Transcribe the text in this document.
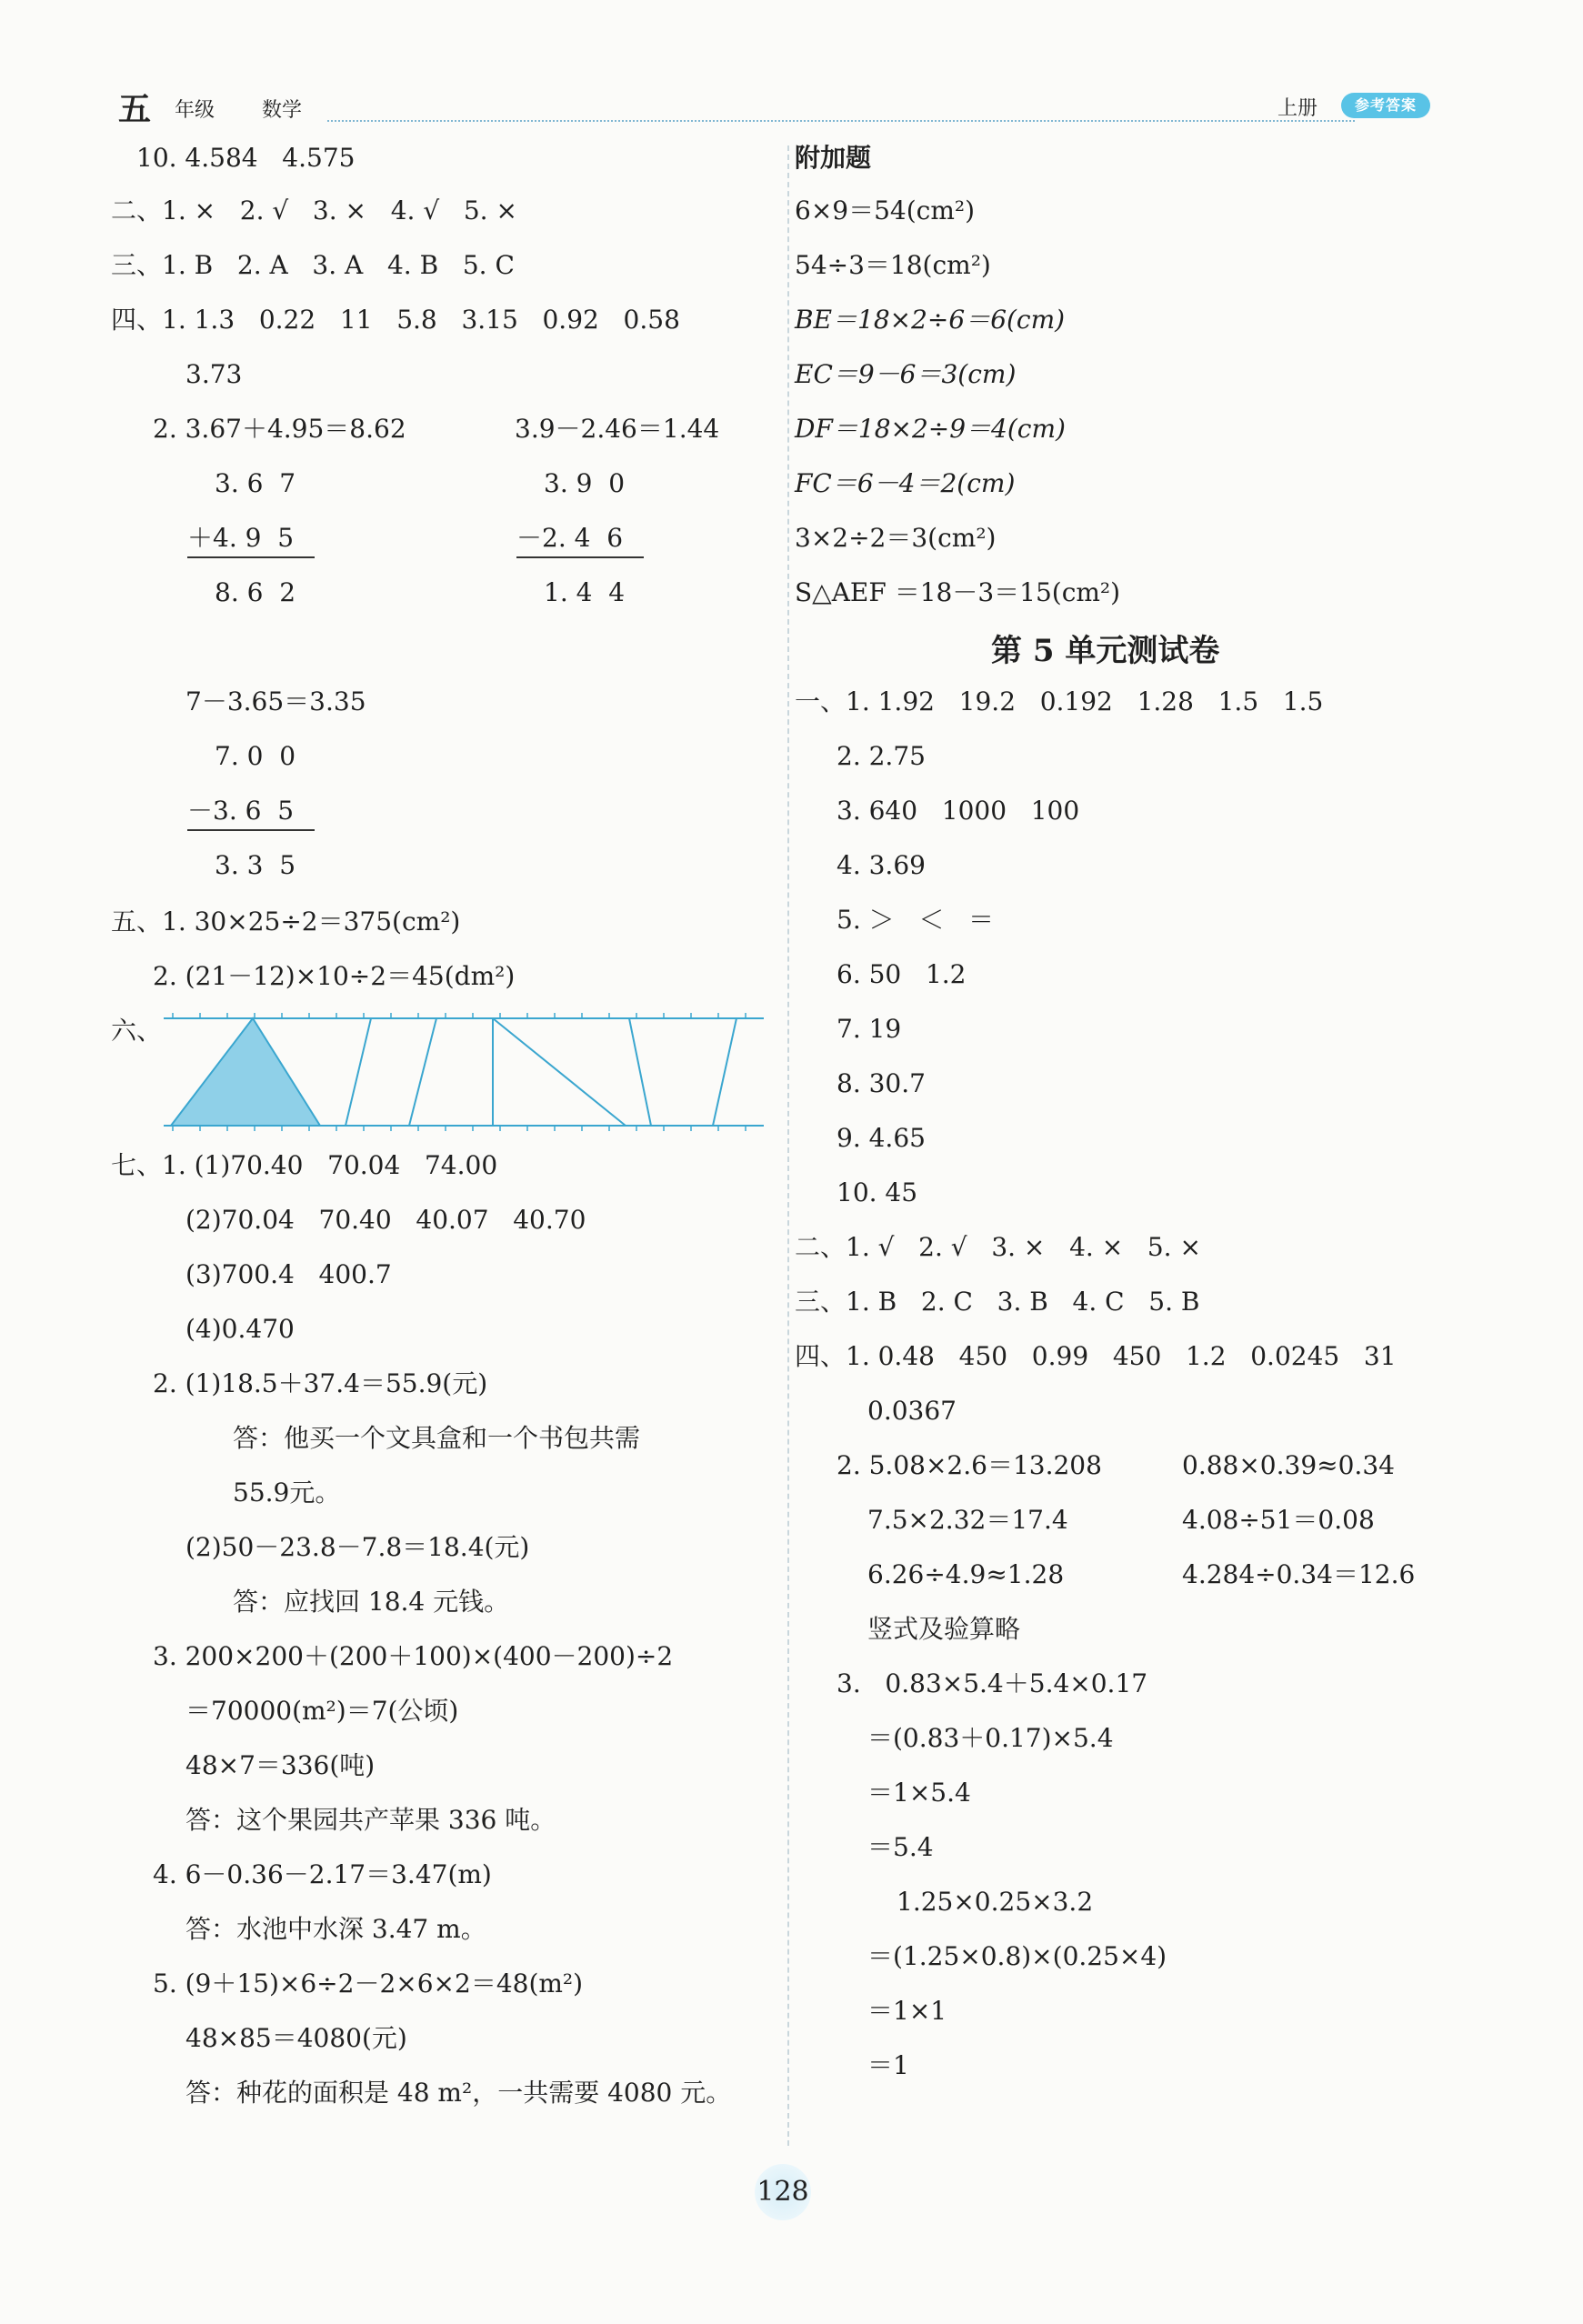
五 年级 数学	上册	参考答案
10. 4.584   4.575
二、1. ×   2. √   3. ×   4. √   5. ×
三、1. B   2. A   3. A   4. B   5. C
四、1. 1.3   0.22   11   5.8   3.15   0.92   0.58
3.73
2. 3.67＋4.95＝8.62	3.9－2.46＝1.44
3. 6  7
＋4. 9  5
8. 6  2
3. 9  0
－2. 4  6
1. 4  4
7－3.65＝3.35
7. 0  0
－3. 6  5
3. 3  5
五、1. 30×25÷2＝375(cm²)
2. (21－12)×10÷2＝45(dm²)
六、
七、1. (1)70.40   70.04   74.00
(2)70.04   70.40   40.07   40.70
(3)700.4   400.7
(4)0.470
2. (1)18.5＋37.4＝55.9(元)
答：他买一个文具盒和一个书包共需
55.9元。
(2)50－23.8－7.8＝18.4(元)
答：应找回 18.4 元钱。
3. 200×200＋(200＋100)×(400－200)÷2
＝70000(m²)＝7(公顷)
48×7＝336(吨)
答：这个果园共产苹果 336 吨。
4. 6－0.36－2.17＝3.47(m)
答：水池中水深 3.47 m。
5. (9＋15)×6÷2－2×6×2＝48(m²)
48×85＝4080(元)
答：种花的面积是 48 m²，一共需要 4080 元。
附加题
6×9＝54(cm²)
54÷3＝18(cm²)
BE＝18×2÷6＝6(cm)
EC＝9－6＝3(cm)
DF＝18×2÷9＝4(cm)
FC＝6－4＝2(cm)
3×2÷2＝3(cm²)
S△AEF ＝18－3＝15(cm²)
第 5 单元测试卷
一、1. 1.92   19.2   0.192   1.28   1.5   1.5
2. 2.75
3. 640   1000   100
4. 3.69
5. ＞   ＜   ＝
6. 50   1.2
7. 19
8. 30.7
9. 4.65
10. 45
二、1. √   2. √   3. ×   4. ×   5. ×
三、1. B   2. C   3. B   4. C   5. B
四、1. 0.48   450   0.99   450   1.2   0.0245   31
0.0367
2. 5.08×2.6＝13.208	0.88×0.39≈0.34
7.5×2.32＝17.4	4.08÷51＝0.08
6.26÷4.9≈1.28	4.284÷0.34＝12.6
竖式及验算略
3.   0.83×5.4＋5.4×0.17
＝(0.83＋0.17)×5.4
＝1×5.4
＝5.4
1.25×0.25×3.2
＝(1.25×0.8)×(0.25×4)
＝1×1
＝1
128
